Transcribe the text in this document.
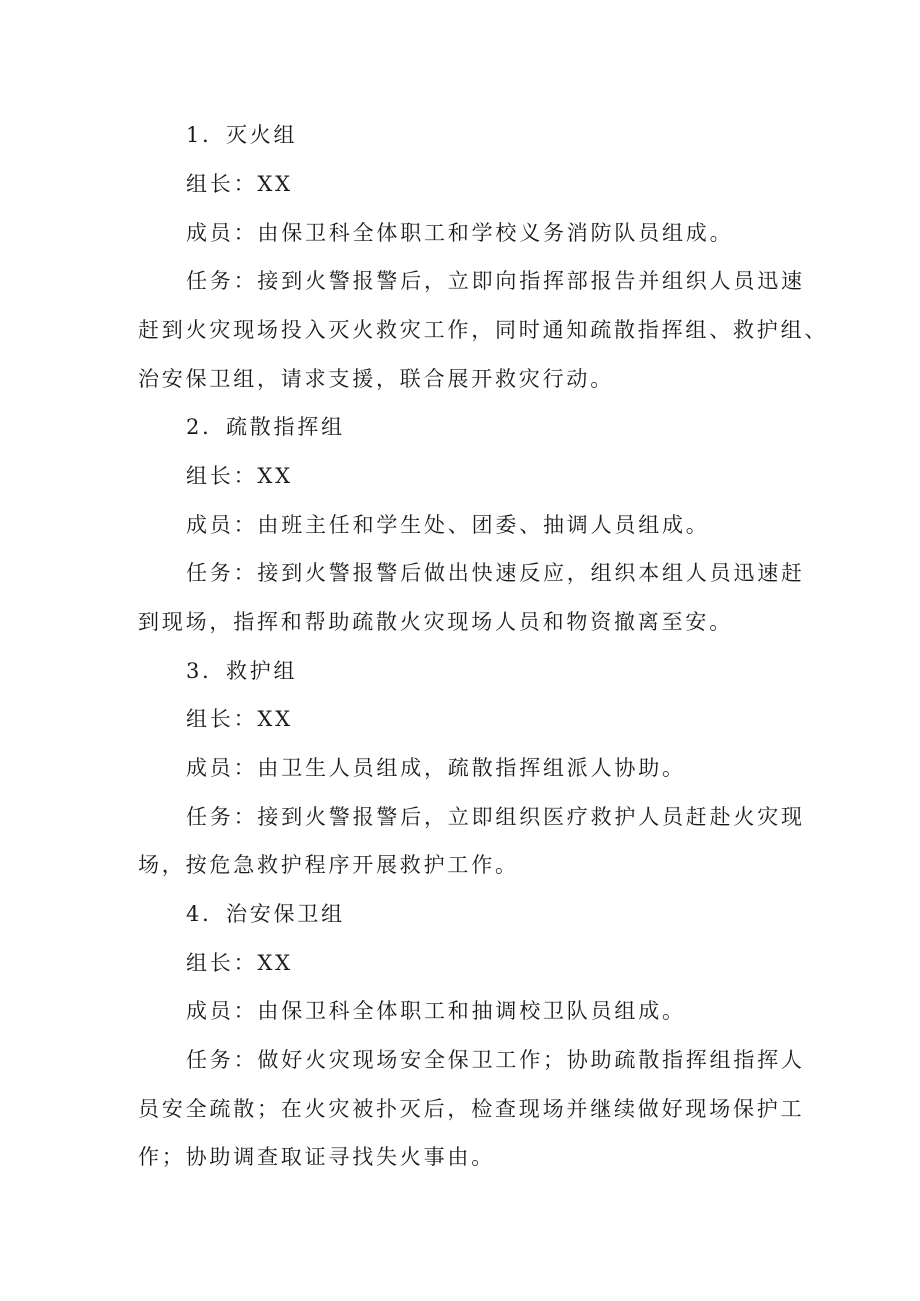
1．灭火组
组长：XX
成员：由保卫科全体职工和学校义务消防队员组成。
任务：接到火警报警后，立即向指挥部报告并组织人员迅速
赶到火灾现场投入灭火救灾工作，同时通知疏散指挥组、救护组、
治安保卫组，请求支援，联合展开救灾行动。
2．疏散指挥组
组长：XX
成员：由班主任和学生处、团委、抽调人员组成。
任务：接到火警报警后做出快速反应，组织本组人员迅速赶
到现场，指挥和帮助疏散火灾现场人员和物资撤离至安。
3．救护组
组长：XX
成员：由卫生人员组成，疏散指挥组派人协助。
任务：接到火警报警后，立即组织医疗救护人员赶赴火灾现
场，按危急救护程序开展救护工作。
4．治安保卫组
组长：XX
成员：由保卫科全体职工和抽调校卫队员组成。
任务：做好火灾现场安全保卫工作；协助疏散指挥组指挥人
员安全疏散；在火灾被扑灭后，检查现场并继续做好现场保护工
作；协助调查取证寻找失火事由。
